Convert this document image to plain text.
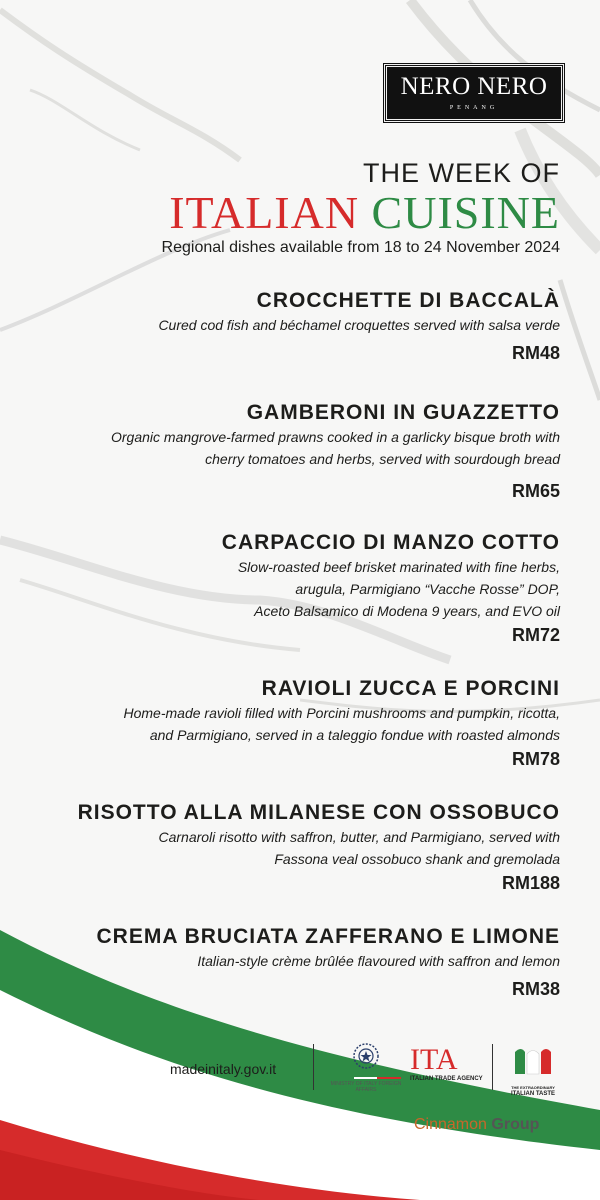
NERO NERO
PENANG
THE WEEK OF
ITALIAN CUISINE
Regional dishes available from 18 to 24 November 2024
CROCCHETTE DI BACCALÀ
Cured cod fish and béchamel croquettes served with salsa verde
RM48
GAMBERONI IN GUAZZETTO
Organic mangrove-farmed prawns cooked in a garlicky bisque broth with
cherry tomatoes and herbs, served with sourdough bread
RM65
CARPACCIO DI MANZO COTTO
Slow-roasted beef brisket marinated with fine herbs,
arugula, Parmigiano “Vacche Rosse” DOP,
Aceto Balsamico di Modena 9 years, and EVO oil
RM72
RAVIOLI ZUCCA E PORCINI
Home-made ravioli filled with Porcini mushrooms and pumpkin, ricotta,
and Parmigiano, served in a taleggio fondue with roasted almonds
RM78
RISOTTO ALLA MILANESE CON OSSOBUCO
Carnaroli risotto with saffron, butter, and Parmigiano, served with
Fassona veal ossobuco shank and gremolada
RM188
CREMA BRUCIATA ZAFFERANO E LIMONE
Italian-style crème brûlée flavoured with saffron and lemon
RM38
madeinitaly.gov.it
MINISTRY OF ITALY FOREIGN AFFAIRS
ITA
ITALIAN TRADE AGENCY
THE EXTRAORDINARY
ITALIAN TASTE
Cinnamon Group
